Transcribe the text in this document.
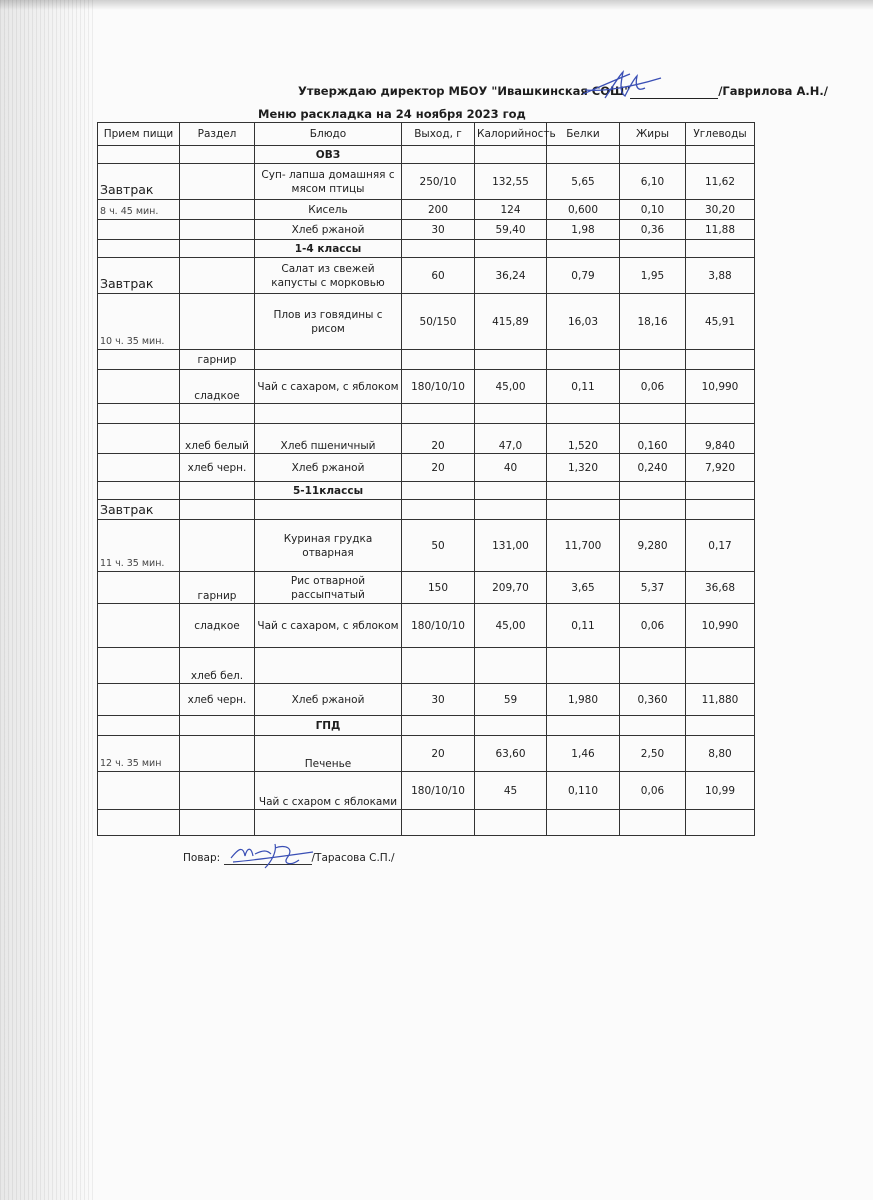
Утверждаю директор МБОУ "Ивашкинская СОШ"	/Гаврилова А.Н./
Меню раскладка на 24 ноября 2023 год
Прием пищи	Раздел	Блюдо	Выход, г	Калорийность	Белки	Жиры	Углеводы
		ОВЗ					
Завтрак		Суп- лапша домашняя с мясом птицы	250/10	132,55	5,65	6,10	11,62
8 ч. 45 мин.		Кисель	200	124	0,600	0,10	30,20
		Хлеб ржаной	30	59,40	1,98	0,36	11,88
		1-4 классы					
Завтрак		Салат из свежей капусты с морковью	60	36,24	0,79	1,95	3,88
10 ч. 35 мин.		Плов из говядины с рисом	50/150	415,89	16,03	18,16	45,91
	гарнир						
	сладкое	Чай с сахаром, с яблоком	180/10/10	45,00	0,11	0,06	10,990

	хлеб белый	Хлеб пшеничный	20	47,0	1,520	0,160	9,840
	хлеб черн.	Хлеб ржаной	20	40	1,320	0,240	7,920
		5-11классы					
Завтрак							
11 ч. 35 мин.		Куриная грудка отварная	50	131,00	11,700	9,280	0,17
	гарнир	Рис отварной рассыпчатый	150	209,70	3,65	5,37	36,68
	сладкое	Чай с сахаром, с яблоком	180/10/10	45,00	0,11	0,06	10,990
	хлеб бел.						
	хлеб черн.	Хлеб ржаной	30	59	1,980	0,360	11,880
		ГПД					
12 ч. 35 мин		Печенье	20	63,60	1,46	2,50	8,80
		Чай с схаром с яблоками	180/10/10	45	0,110	0,06	10,99

Повар:	/Тарасова С.П./
